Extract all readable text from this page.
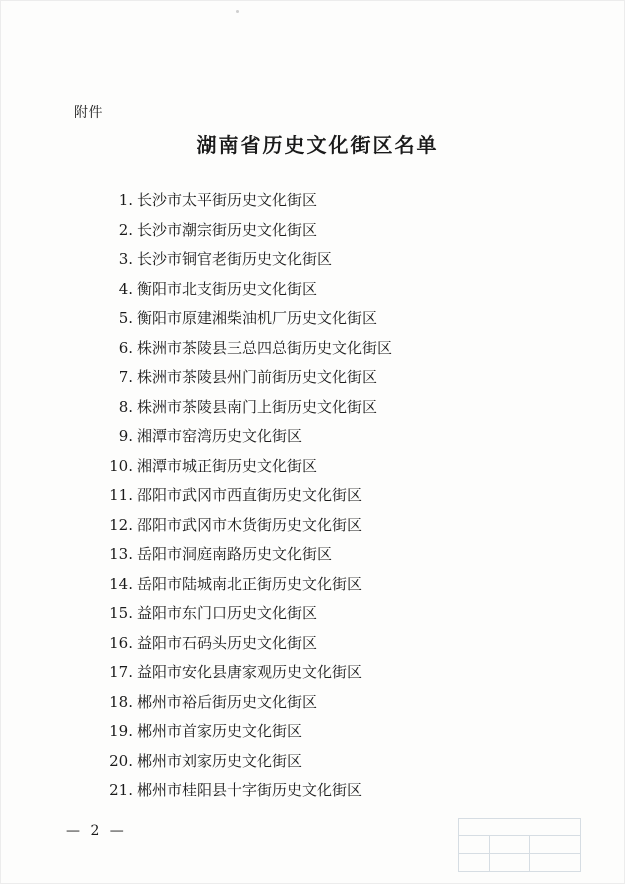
附件
湖南省历史文化街区名单
1. 长沙市太平街历史文化街区
2. 长沙市潮宗街历史文化街区
3. 长沙市铜官老街历史文化街区
4. 衡阳市北支街历史文化街区
5. 衡阳市原建湘柴油机厂历史文化街区
6. 株洲市茶陵县三总四总街历史文化街区
7. 株洲市茶陵县州门前街历史文化街区
8. 株洲市茶陵县南门上街历史文化街区
9. 湘潭市窑湾历史文化街区
10. 湘潭市城正街历史文化街区
11. 邵阳市武冈市西直街历史文化街区
12. 邵阳市武冈市木货街历史文化街区
13. 岳阳市洞庭南路历史文化街区
14. 岳阳市陆城南北正街历史文化街区
15. 益阳市东门口历史文化街区
16. 益阳市石码头历史文化街区
17. 益阳市安化县唐家观历史文化街区
18. 郴州市裕后街历史文化街区
19. 郴州市首家历史文化街区
20. 郴州市刘家历史文化街区
21. 郴州市桂阳县十字街历史文化街区
— 2 —
